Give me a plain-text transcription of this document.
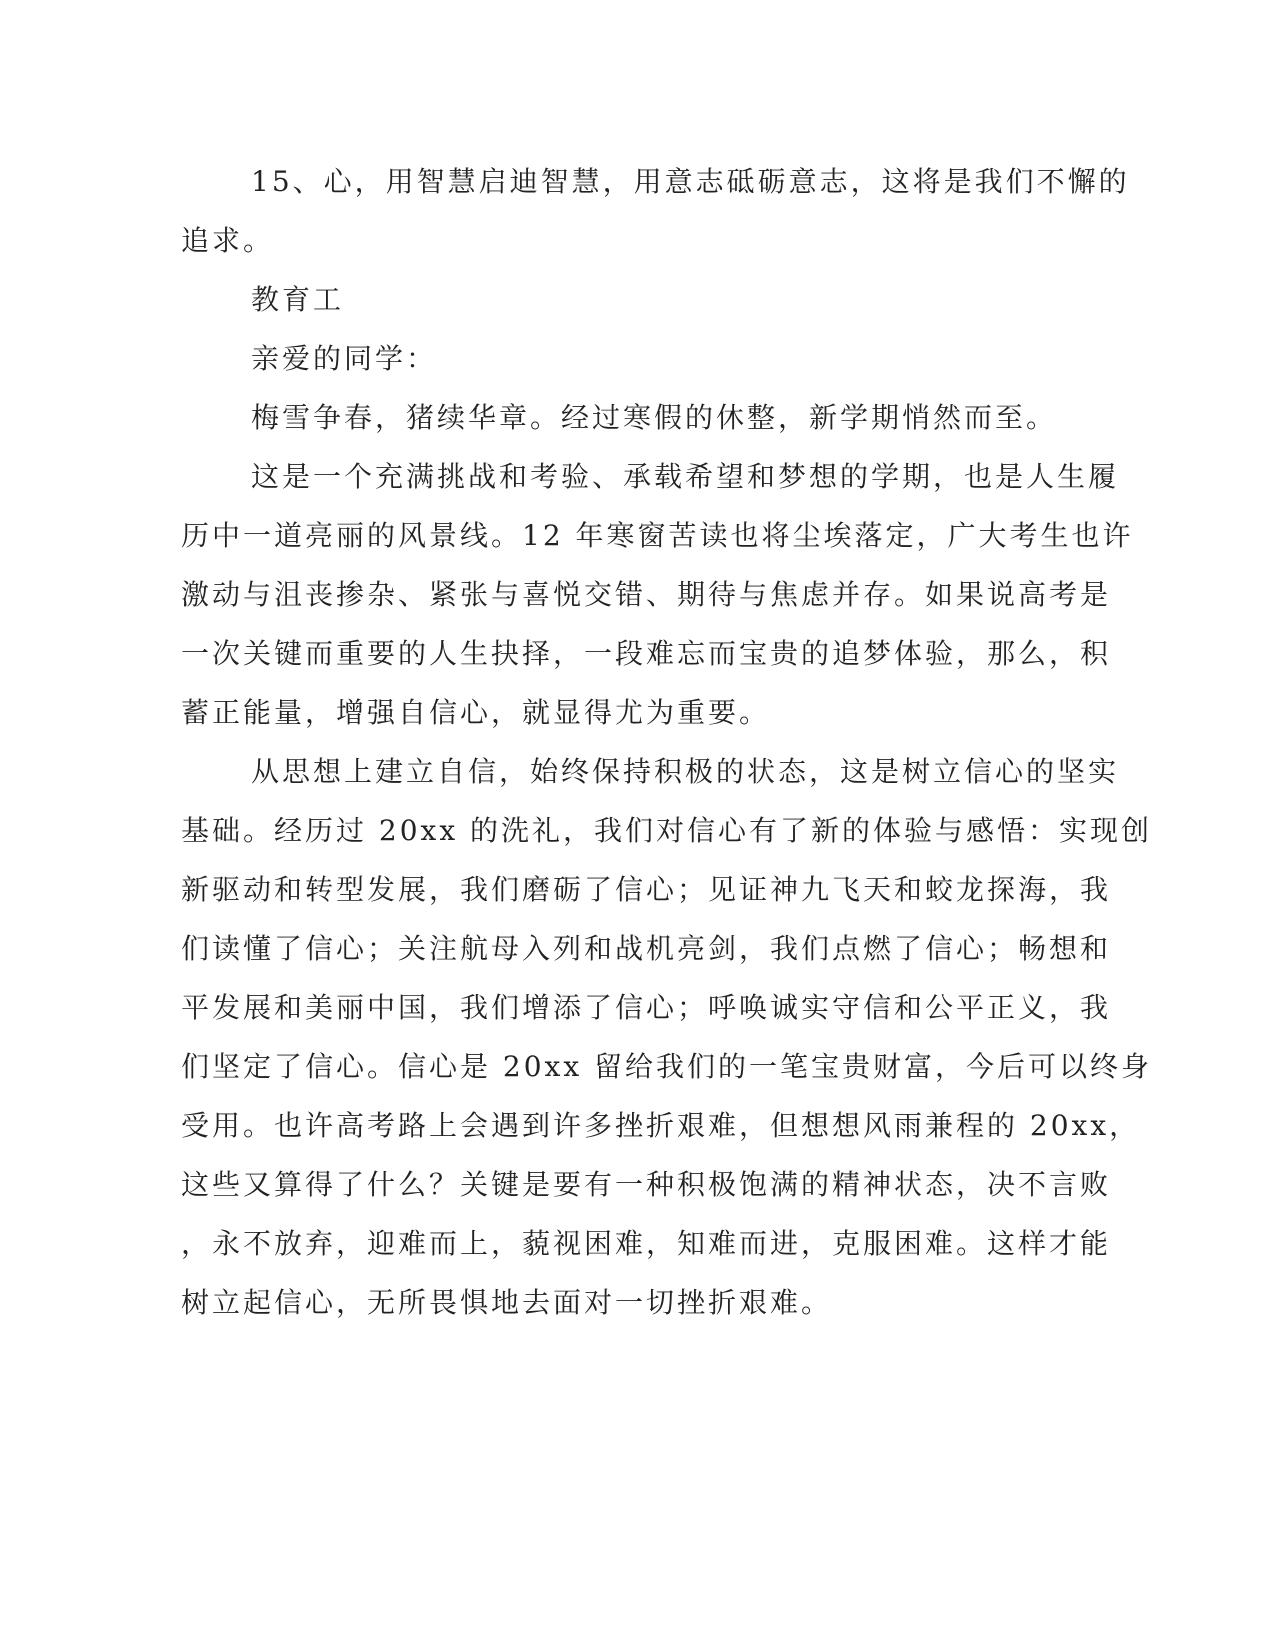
15、心，用智慧启迪智慧，用意志砥砺意志，这将是我们不懈的
追求。
教育工
亲爱的同学：
梅雪争春，猪续华章。经过寒假的休整，新学期悄然而至。
这是一个充满挑战和考验、承载希望和梦想的学期，也是人生履
历中一道亮丽的风景线。12 年寒窗苦读也将尘埃落定，广大考生也许
激动与沮丧掺杂、紧张与喜悦交错、期待与焦虑并存。如果说高考是
一次关键而重要的人生抉择，一段难忘而宝贵的追梦体验，那么，积
蓄正能量，增强自信心，就显得尤为重要。
从思想上建立自信，始终保持积极的状态，这是树立信心的坚实
基础。经历过 20xx 的洗礼，我们对信心有了新的体验与感悟：实现创
新驱动和转型发展，我们磨砺了信心；见证神九飞天和蛟龙探海，我
们读懂了信心；关注航母入列和战机亮剑，我们点燃了信心；畅想和
平发展和美丽中国，我们增添了信心；呼唤诚实守信和公平正义，我
们坚定了信心。信心是 20xx 留给我们的一笔宝贵财富，今后可以终身
受用。也许高考路上会遇到许多挫折艰难，但想想风雨兼程的 20xx，
这些又算得了什么？关键是要有一种积极饱满的精神状态，决不言败
，永不放弃，迎难而上，藐视困难，知难而进，克服困难。这样才能
树立起信心，无所畏惧地去面对一切挫折艰难。
